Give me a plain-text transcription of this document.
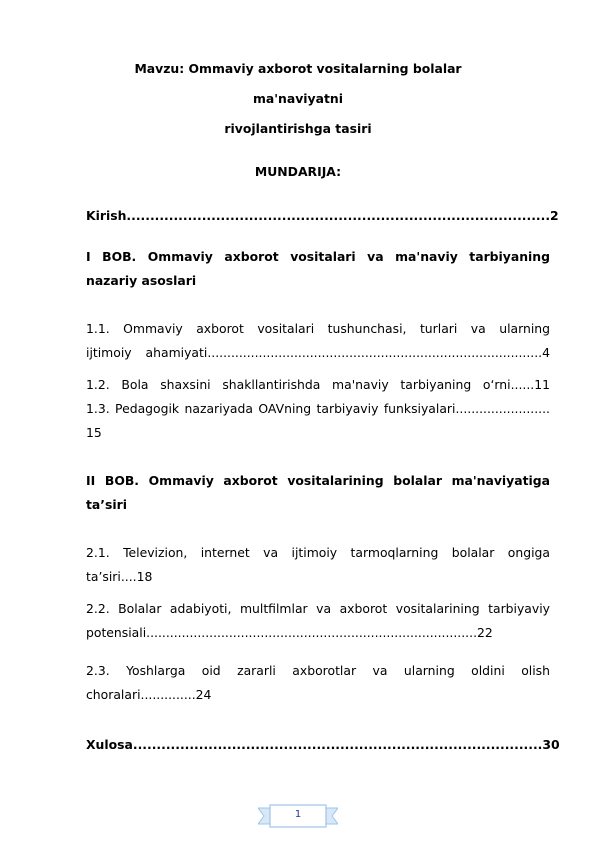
Mavzu: Ommaviy axborot vositalarning bolalar ma'naviyatni
rivojlantirishga tasiri
MUNDARIJA:
Kirish..........................................................................................2
I BOB. Ommaviy axborot vositalari va ma'naviy tarbiyaning
nazariy asoslari
1.1. Ommaviy axborot vositalari tushunchasi, turlari va ularning
ijtimoiy ahamiyati.....................................................................................4
1.2. Bola shaxsini shakllantirishda ma'naviy tarbiyaning o‘rni......11
1.3. Pedagogik nazariyada OAVning tarbiyaviy funksiyalari........................
15
II BOB. Ommaviy axborot vositalarining bolalar ma'naviyatiga
ta’siri
2.1. Televizion, internet va ijtimoiy tarmoqlarning bolalar ongiga
ta’siri....18
2.2. Bolalar adabiyoti, multfilmlar va axborot vositalarining tarbiyaviy
potensiali....................................................................................22
2.3. Yoshlarga oid zararli axborotlar va ularning oldini olish
choralari..............24
Xulosa.......................................................................................30
1
